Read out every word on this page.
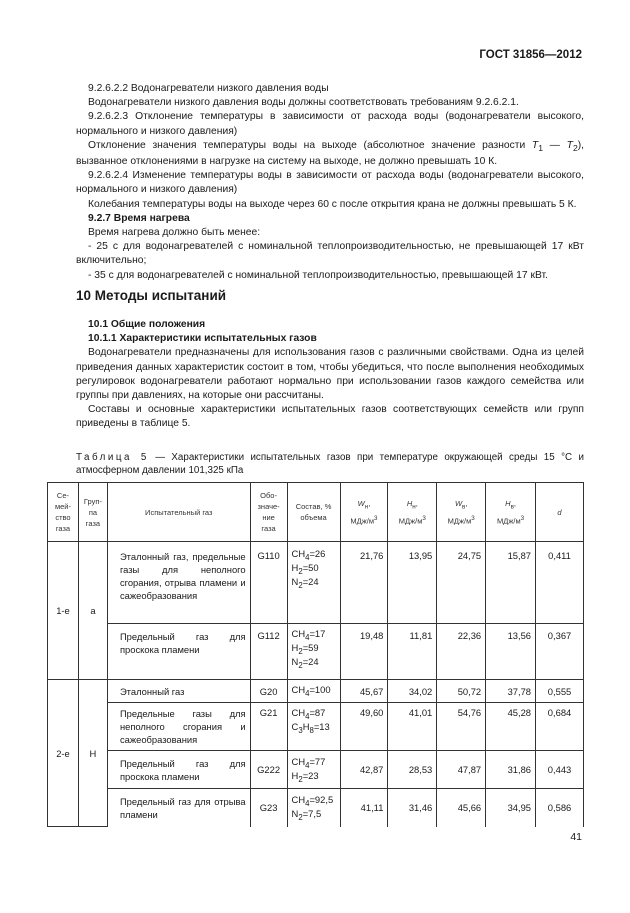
ГОСТ 31856—2012

9.2.6.2.2 Водонагреватели низкого давления воды

Водонагреватели низкого давления воды должны соответствовать требованиям 9.2.6.2.1.

9.2.6.2.3 Отклонение температуры в зависимости от расхода воды (водонагреватели высокого, нормального и низкого давления)

Отклонение значения температуры воды на выходе (абсолютное значение разности $T_1$ — $T_2$), вызванное отклонениями в нагрузке на систему на выходе, не должно превышать 10 К.

9.2.6.2.4 Изменение температуры воды в зависимости от расхода воды (водонагреватели высокого, нормального и низкого давления)

Колебания температуры воды на выходе через 60 с после открытия крана не должны превышать 5 К.

9.2.7 Время нагрева

Время нагрева должно быть менее:

- 25 с для водонагревателей с номинальной теплопроизводительностью, не превышающей 17 кВт включительно;

- 35 с для водонагревателей с номинальной теплопроизводительностью, превышающей 17 кВт.

10 Методы испытаний

10.1 Общие положения

10.1.1 Характеристики испытательных газов

Водонагреватели предназначены для использования газов с различными свойствами. Одна из целей приведения данных характеристик состоит в том, чтобы убедиться, что после выполнения необходимых регулировок водонагреватели работают нормально при использовании газов каждого семейства или группы при давлениях, на которые они рассчитаны.

Составы и основные характеристики испытательных газов соответствующих семейств или групп приведены в таблице 5.

Таблица 5 — Характеристики испытательных газов при температуре окружающей среды 15 °С и атмосферном давлении 101,325 кПа
Се-мей-ство газа	Груп-па газа	Испытательный газ	Обо-значе-ние газа	Состав, % объема	$W_н$,
МДж/$м^3$	$H_н$,
МДж/$м^3$	$W_в$,
МДж/$м^3$	$H_в$,
МДж/$м^3$	d
1-е	а	Эталонный газ, предельные газы для неполного сгорания, отрыва пламени и сажеобразования	G110	$CH_4=26$
$H_2=50$
$N_2=24$	21,76	13,95	24,75	15,87	0,411
		Предельный газ для проскока пламени	G112	$CH_4=17$
$H_2=59$
$N_2=24$	19,48	11,81	22,36	13,56	0,367
2-е	H	Эталонный газ	G20	$CH_4=100$	45,67	34,02	50,72	37,78	0,555
		Предельные газы для неполного сгорания и сажеобразования	G21	$CH_4=87$
$C_3H_8=13$	49,60	41,01	54,76	45,28	0,684
		Предельный газ для проскока пламени	G222	$CH_4=77$
$H_2=23$	42,87	28,53	47,87	31,86	0,443
		Предельный газ для отрыва пламени	G23	$CH_4=92,5$
$N_2=7,5$	41,11	31,46	45,66	34,95	0,586
41
